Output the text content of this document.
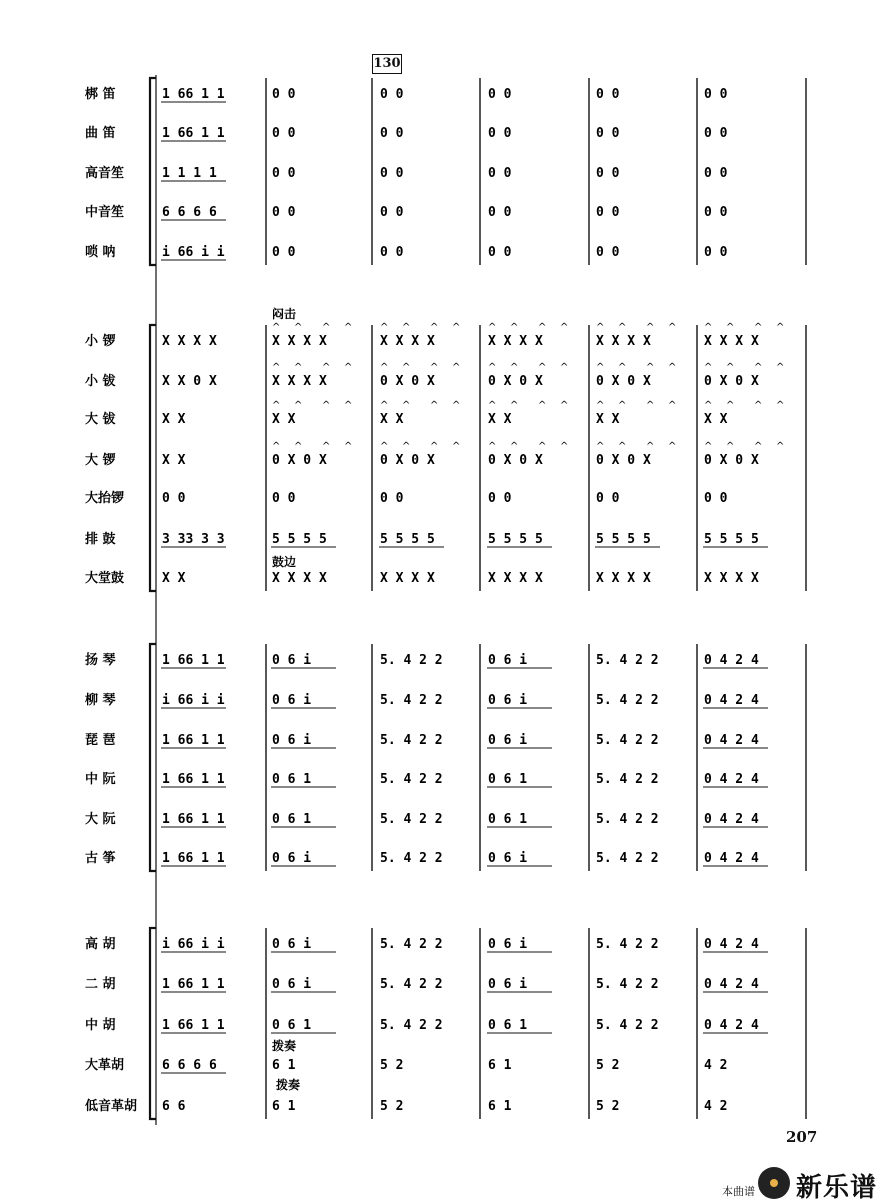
130
梆 笛	1 66 1 1	0 0	0 0	0 0	0 0	0 0
曲 笛	1 66 1 1	0 0	0 0	0 0	0 0	0 0
高音笙	1 1 1 1	0 0	0 0	0 0	0 0	0 0
中音笙	6 6 6 6	0 0	0 0	0 0	0 0	0 0
唢 呐	i 66 i i	0 0	0 0	0 0	0 0	0 0
小 锣	X X X X	X X X X	X X X X	X X X X	X X X X	X X X X
小 钹	X X 0 X	X X X X	0 X 0 X	0 X 0 X	0 X 0 X	0 X 0 X
大 钹	X X	X X	X X	X X	X X	X X
大 锣	X X	0 X 0 X	0 X 0 X	0 X 0 X	0 X 0 X	0 X 0 X
大抬锣	0 0	0 0	0 0	0 0	0 0	0 0
排 鼓	3 33 3 3	5 5 5 5	5 5 5 5	5 5 5 5	5 5 5 5	5 5 5 5
大堂鼓	X X	X X X X	X X X X	X X X X	X X X X	X X X X
扬 琴	1 66 1 1	0 6 i	5. 4 2 2	0 6 i	5. 4 2 2	0 4 2 4
柳 琴	i 66 i i	0 6 i	5. 4 2 2	0 6 i	5. 4 2 2	0 4 2 4
琵 琶	1 66 1 1	0 6 i	5. 4 2 2	0 6 i	5. 4 2 2	0 4 2 4
中 阮	1 66 1 1	0 6 1	5. 4 2 2	0 6 1	5. 4 2 2	0 4 2 4
大 阮	1 66 1 1	0 6 1	5. 4 2 2	0 6 1	5. 4 2 2	0 4 2 4
古 筝	1 66 1 1	0 6 i	5. 4 2 2	0 6 i	5. 4 2 2	0 4 2 4
高 胡	i 66 i i	0 6 i	5. 4 2 2	0 6 i	5. 4 2 2	0 4 2 4
二 胡	1 66 1 1	0 6 i	5. 4 2 2	0 6 i	5. 4 2 2	0 4 2 4
中 胡	1 66 1 1	0 6 1	5. 4 2 2	0 6 1	5. 4 2 2	0 4 2 4
大革胡	6 6 6 6	6 1	5 2	6 1	5 2	4 2
低音革胡 6 6	6 1	5 2	6 1	5 2	4 2
^ ^ ^ ^	^ ^ ^ ^	^ ^ ^ ^	^ ^ ^ ^	^ ^ ^ ^
^ ^ ^ ^	^ ^ ^ ^	^ ^ ^ ^	^ ^ ^ ^	^ ^ ^ ^
^ ^ ^ ^	^ ^ ^ ^	^ ^ ^ ^	^ ^ ^ ^	^ ^ ^ ^
^ ^ ^ ^	^ ^ ^ ^	^ ^ ^ ^	^ ^ ^ ^	^ ^ ^ ^
闷击
鼓边
拨奏
拨奏
207
本曲谱 新乐谱
